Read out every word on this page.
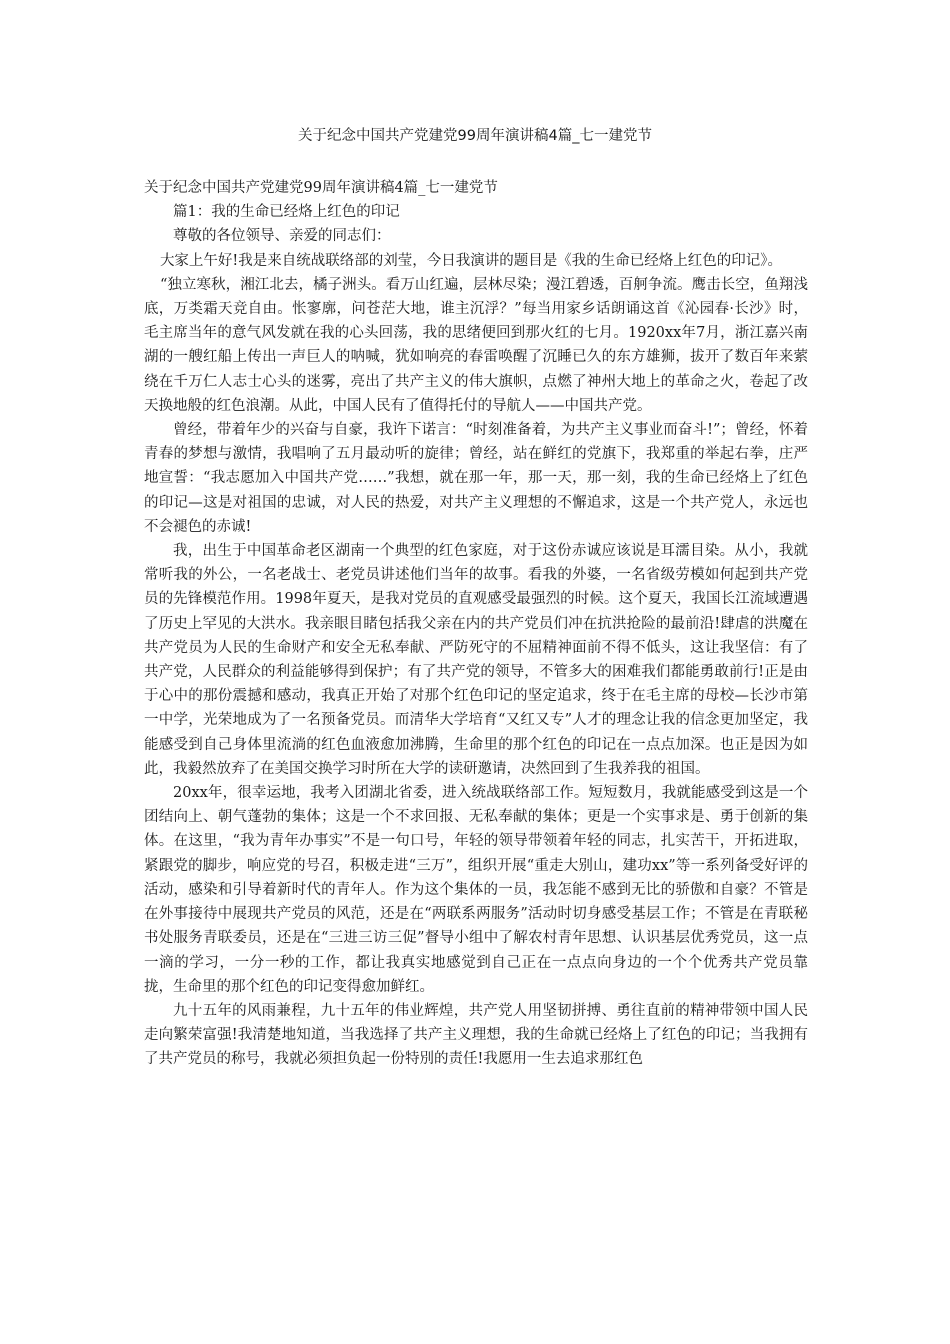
关于纪念中国共产党建党99周年演讲稿4篇_七一建党节

关于纪念中国共产党建党99周年演讲稿4篇_七一建党节

篇1：我的生命已经烙上红色的印记

尊敬的各位领导、亲爱的同志们：

大家上午好!我是来自统战联络部的刘莹，今日我演讲的题目是《我的生命已经烙上红色的印记》。

“独立寒秋，湘江北去，橘子洲头。看万山红遍，层林尽染；漫江碧透，百舸争流。鹰击长空，鱼翔浅底，万类霜天竞自由。怅寥廓，问苍茫大地，谁主沉浮？”每当用家乡话朗诵这首《沁园春·长沙》时，毛主席当年的意气风发就在我的心头回荡，我的思绪便回到那火红的七月。1920xx年7月，浙江嘉兴南湖的一艘红船上传出一声巨人的呐喊，犹如响亮的春雷唤醒了沉睡已久的东方雄狮，拔开了数百年来萦绕在千万仁人志士心头的迷雾，亮出了共产主义的伟大旗帜，点燃了神州大地上的革命之火，卷起了改天换地般的红色浪潮。从此，中国人民有了值得托付的导航人——中国共产党。

曾经，带着年少的兴奋与自豪，我许下诺言：“时刻准备着，为共产主义事业而奋斗!”；曾经，怀着青春的梦想与激情，我唱响了五月最动听的旋律；曾经，站在鲜红的党旗下，我郑重的举起右拳，庄严地宣誓：“我志愿加入中国共产党……”我想，就在那一年，那一天，那一刻，我的生命已经烙上了红色的印记—这是对祖国的忠诚，对人民的热爱，对共产主义理想的不懈追求，这是一个共产党人，永远也不会褪色的赤诚!

我，出生于中国革命老区湖南一个典型的红色家庭，对于这份赤诚应该说是耳濡目染。从小，我就常听我的外公，一名老战士、老党员讲述他们当年的故事。看我的外婆，一名省级劳模如何起到共产党员的先锋模范作用。1998年夏天，是我对党员的直观感受最强烈的时候。这个夏天，我国长江流域遭遇了历史上罕见的大洪水。我亲眼目睹包括我父亲在内的共产党员们冲在抗洪抢险的最前沿!肆虐的洪魔在共产党员为人民的生命财产和安全无私奉献、严防死守的不屈精神面前不得不低头，这让我坚信：有了共产党，人民群众的利益能够得到保护；有了共产党的领导，不管多大的困难我们都能勇敢前行!正是由于心中的那份震撼和感动，我真正开始了对那个红色印记的坚定追求，终于在毛主席的母校—长沙市第一中学，光荣地成为了一名预备党员。而清华大学培育“又红又专”人才的理念让我的信念更加坚定，我能感受到自己身体里流淌的红色血液愈加沸腾，生命里的那个红色的印记在一点点加深。也正是因为如此，我毅然放弃了在美国交换学习时所在大学的读研邀请，决然回到了生我养我的祖国。

20xx年，很幸运地，我考入团湖北省委，进入统战联络部工作。短短数月，我就能感受到这是一个团结向上、朝气蓬勃的集体；这是一个不求回报、无私奉献的集体；更是一个实事求是、勇于创新的集体。在这里，“我为青年办事实”不是一句口号，年轻的领导带领着年轻的同志，扎实苦干，开拓进取，紧跟党的脚步，响应党的号召，积极走进“三万”，组织开展“重走大别山，建功xx”等一系列备受好评的活动，感染和引导着新时代的青年人。作为这个集体的一员，我怎能不感到无比的骄傲和自豪？不管是在外事接待中展现共产党员的风范，还是在“两联系两服务”活动时切身感受基层工作；不管是在青联秘书处服务青联委员，还是在“三进三访三促”督导小组中了解农村青年思想、认识基层优秀党员，这一点一滴的学习，一分一秒的工作，都让我真实地感觉到自己正在一点点向身边的一个个优秀共产党员靠拢，生命里的那个红色的印记变得愈加鲜红。

九十五年的风雨兼程，九十五年的伟业辉煌，共产党人用坚韧拼搏、勇往直前的精神带领中国人民走向繁荣富强!我清楚地知道，当我选择了共产主义理想，我的生命就已经烙上了红色的印记；当我拥有了共产党员的称号，我就必须担负起一份特別的责任!我愿用一生去追求那红色
